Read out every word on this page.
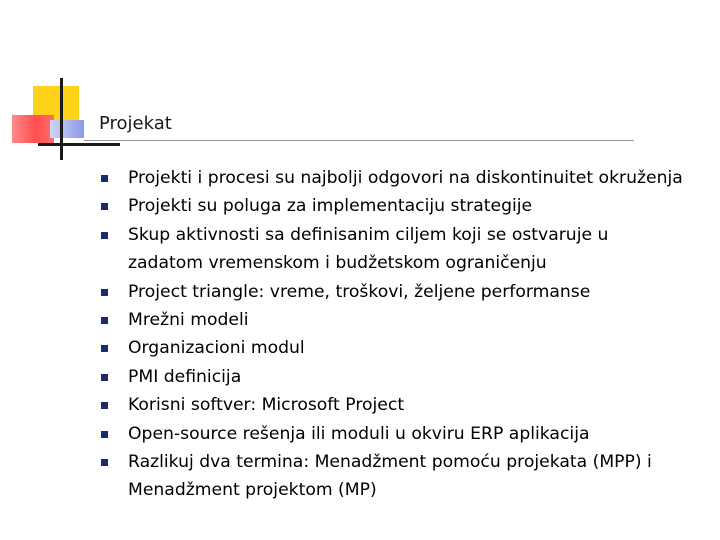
Projekat
Projekti i procesi su najbolji odgovori na diskontinuitet okruženja
Projekti su poluga za implementaciju strategije
Skup aktivnosti sa definisanim ciljem koji se ostvaruje u
zadatom vremenskom i budžetskom ograničenju
Project triangle: vreme, troškovi, željene performanse
Mrežni modeli
Organizacioni modul
PMI definicija
Korisni softver: Microsoft Project
Open-source rešenja ili moduli u okviru ERP aplikacija
Razlikuj dva termina: Menadžment pomoću projekata (MPP) i
Menadžment projektom (MP)
